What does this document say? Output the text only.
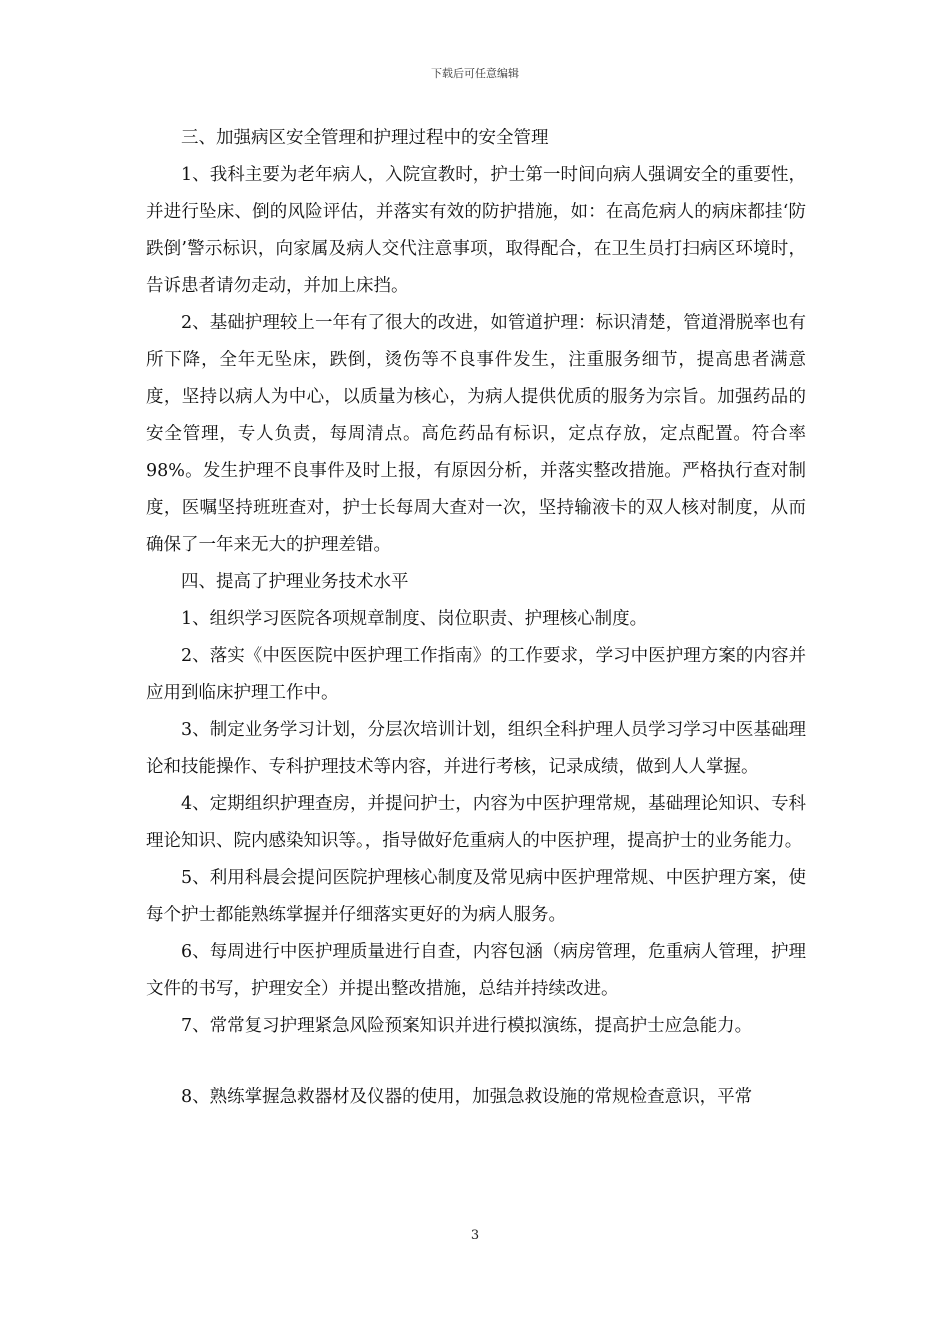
下载后可任意编辑

三、加强病区安全管理和护理过程中的安全管理

1、我科主要为老年病人，入院宣教时，护士第一时间向病人强调安全的重要性，并进行坠床、倒的风险评估，并落实有效的防护措施，如：在高危病人的病床都挂‘防跌倒’警示标识，向家属及病人交代注意事项，取得配合，在卫生员打扫病区环境时，告诉患者请勿走动，并加上床挡。

2、基础护理较上一年有了很大的改进，如管道护理：标识清楚，管道滑脱率也有所下降，全年无坠床，跌倒，烫伤等不良事件发生，注重服务细节，提高患者满意度，坚持以病人为中心，以质量为核心，为病人提供优质的服务为宗旨。加强药品的安全管理，专人负责，每周清点。高危药品有标识，定点存放，定点配置。符合率98%。发生护理不良事件及时上报，有原因分析，并落实整改措施。严格执行查对制度，医嘱坚持班班查对，护士长每周大查对一次，坚持输液卡的双人核对制度，从而确保了一年来无大的护理差错。

四、提高了护理业务技术水平

1、组织学习医院各项规章制度、岗位职责、护理核心制度。

2、落实《中医医院中医护理工作指南》的工作要求，学习中医护理方案的内容并应用到临床护理工作中。

3、制定业务学习计划，分层次培训计划，组织全科护理人员学习学习中医基础理论和技能操作、专科护理技术等内容，并进行考核，记录成绩，做到人人掌握。

4、定期组织护理查房，并提问护士，内容为中医护理常规，基础理论知识、专科理论知识、院内感染知识等。，指导做好危重病人的中医护理，提高护士的业务能力。

5、利用科晨会提问医院护理核心制度及常见病中医护理常规、中医护理方案，使每个护士都能熟练掌握并仔细落实更好的为病人服务。

6、每周进行中医护理质量进行自查，内容包涵（病房管理，危重病人管理，护理文件的书写，护理安全）并提出整改措施，总结并持续改进。

7、常常复习护理紧急风险预案知识并进行模拟演练，提高护士应急能力。

8、熟练掌握急救器材及仪器的使用，加强急救设施的常规检查意识，平常

3
